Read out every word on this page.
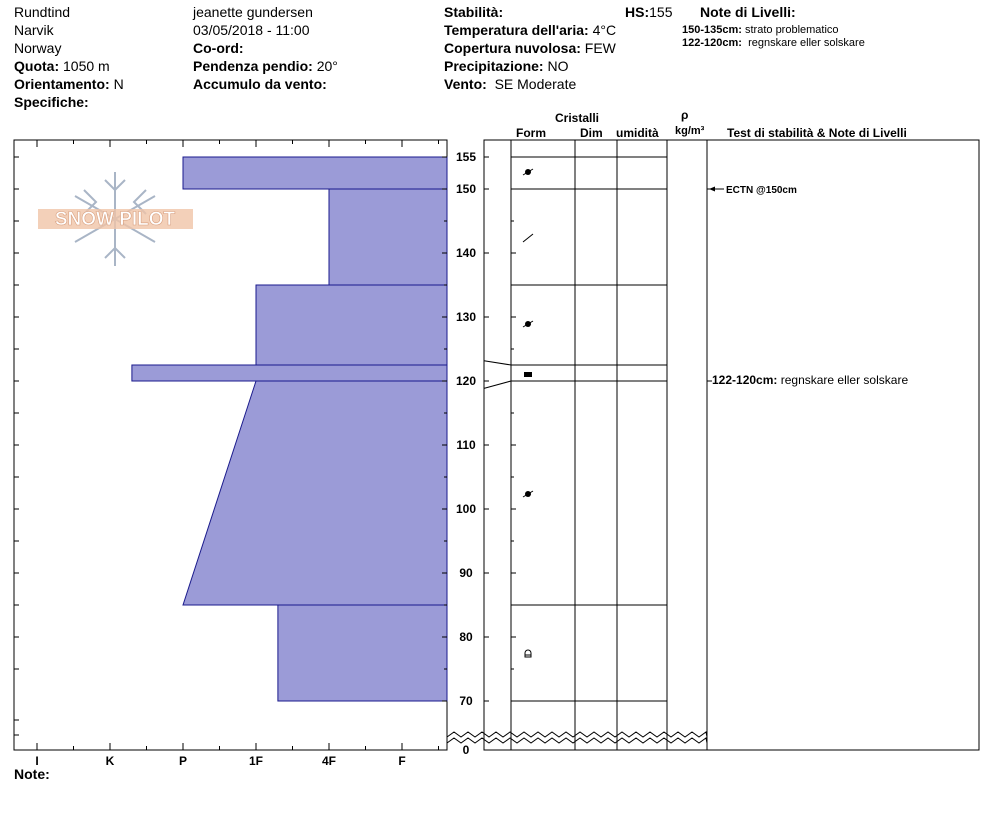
Rundtind
Narvik
Norway
Quota: 1050 m
Orientamento: N
Specifiche:
jeanette gundersen
03/05/2018 - 11:00
Co-ord:
Pendenza pendio: 20°
Accumulo da vento:
Stabilità:
Temperatura dell'aria: 4°C
Copertura nuvolosa: FEW
Precipitazione: NO
Vento: SE Moderate
HS:155 Note di Livelli:
150-135cm: strato problematico
122-120cm: regnskare eller solskare
Cristalli
Form	Dim umidità
ρ
kg/m³ Test di stabilità & Note di Livelli
SNOW PILOT
155
150
140
130
120
110
100
90
80
70
0
ECTN @150cm
122-120cm: regnskare eller solskare
I	K	P	1F	4F	F
Note:
